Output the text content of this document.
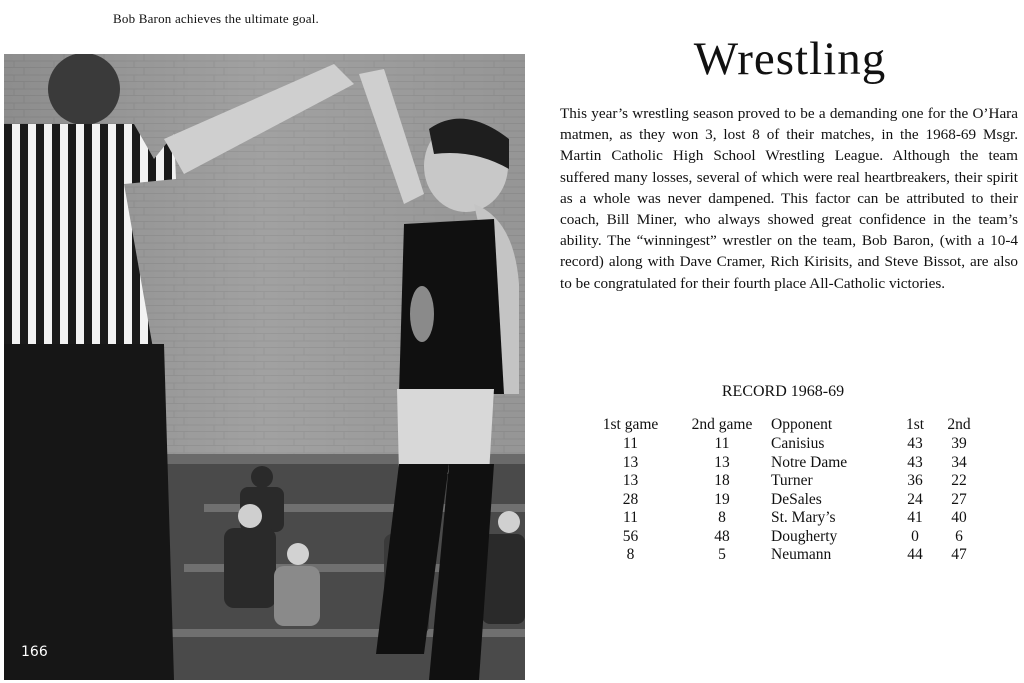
Bob Baron achieves the ultimate goal.
166
Wrestling

This year’s wrestling season proved to be a demanding one for the O’Hara matmen, as they won 3, lost 8 of their matches, in the 1968-69 Msgr. Martin Catholic High School Wrestling League. Although the team suffered many losses, several of which were real heartbreakers, their spirit as a whole was never dampened. This factor can be attributed to their coach, Bill Miner, who always showed great confidence in the team’s ability. The “winningest” wrestler on the team, Bob Baron, (with a 10-4 record) along with Dave Cramer, Rich Kirisits, and Steve Bissot, are also to be congratulated for their fourth place All-Catholic victories.

RECORD 1968-69
1st game	2nd game	Opponent	1st	2nd
11	11	Canisius	43	39
13	13	Notre Dame	43	34
13	18	Turner	36	22
28	19	DeSales	24	27
11	8	St. Mary’s	41	40
56	48	Dougherty	0	6
8	5	Neumann	44	47
